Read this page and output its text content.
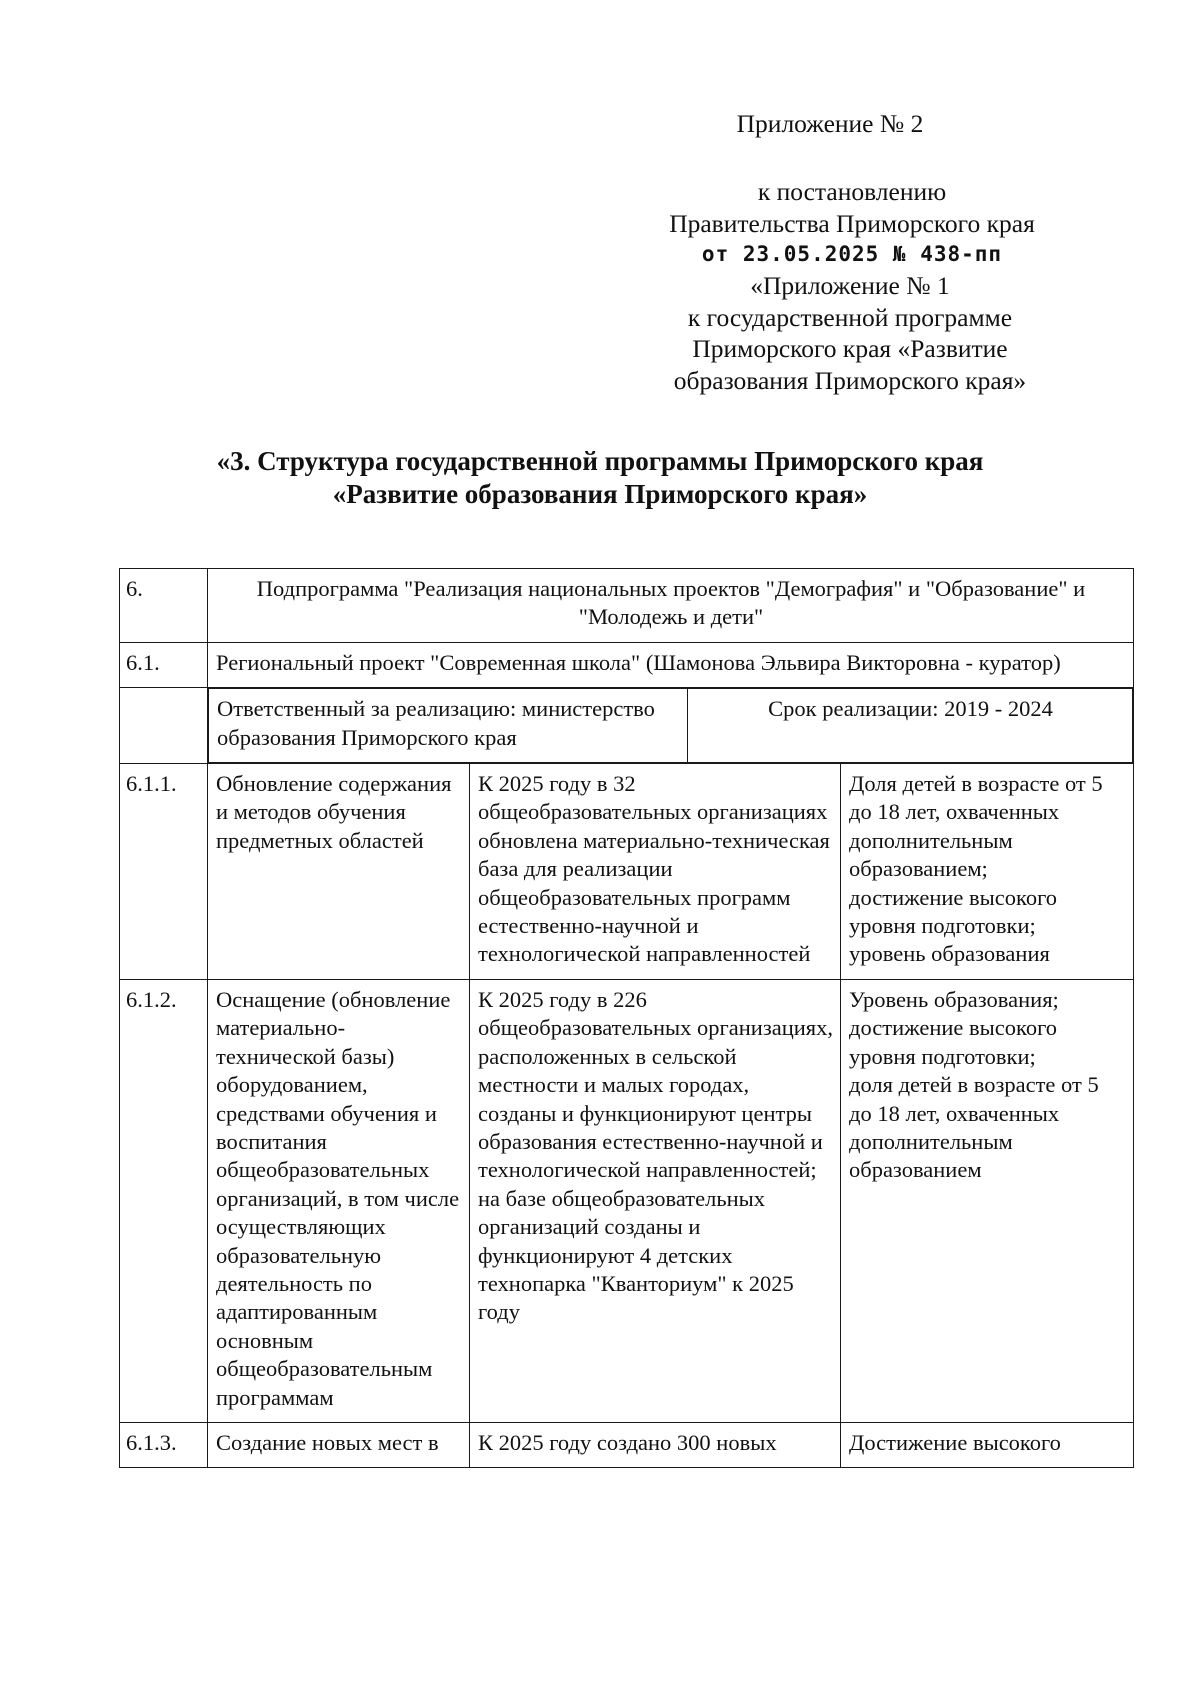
Приложение № 2
к постановлению
Правительства Приморского края
от 23.05.2025 № 438-пп
«Приложение № 1
к государственной программе
Приморского края «Развитие
образования Приморского края»
«3. Структура государственной программы Приморского края
«Развитие образования Приморского края»
6.	Подпрограмма "Реализация национальных проектов "Демография" и "Образование" и "Молодежь и дети"
6.1.	Региональный проект "Современная школа" (Шамонова Эльвира Викторовна - куратор)

Ответственный за реализацию: министерство образования Приморского края	Срок реализации: 2019 - 2024

6.1.1.	Обновление содержания и методов обучения предметных областей	К 2025 году в 32 общеобразовательных организациях обновлена материально-техническая база для реализации общеобразовательных программ естественно-научной и технологической направленностей	Доля детей в возрасте от 5 до 18 лет, охваченных дополнительным образованием;
достижение высокого уровня подготовки;
уровень образования
6.1.2.	Оснащение (обновление материально-технической базы) оборудованием, средствами обучения и воспитания общеобразовательных организаций, в том числе осуществляющих образовательную деятельность по адаптированным основным общеобразовательным программам	К 2025 году в 226 общеобразовательных организациях, расположенных в сельской местности и малых городах, созданы и функционируют центры образования естественно-научной и технологической направленностей;
на базе общеобразовательных организаций созданы и функционируют 4 детских технопарка "Кванториум" к 2025 году	Уровень образования;
достижение высокого уровня подготовки;
доля детей в возрасте от 5 до 18 лет, охваченных дополнительным образованием
6.1.3.	Создание новых мест в	К 2025 году создано 300 новых	Достижение высокого
